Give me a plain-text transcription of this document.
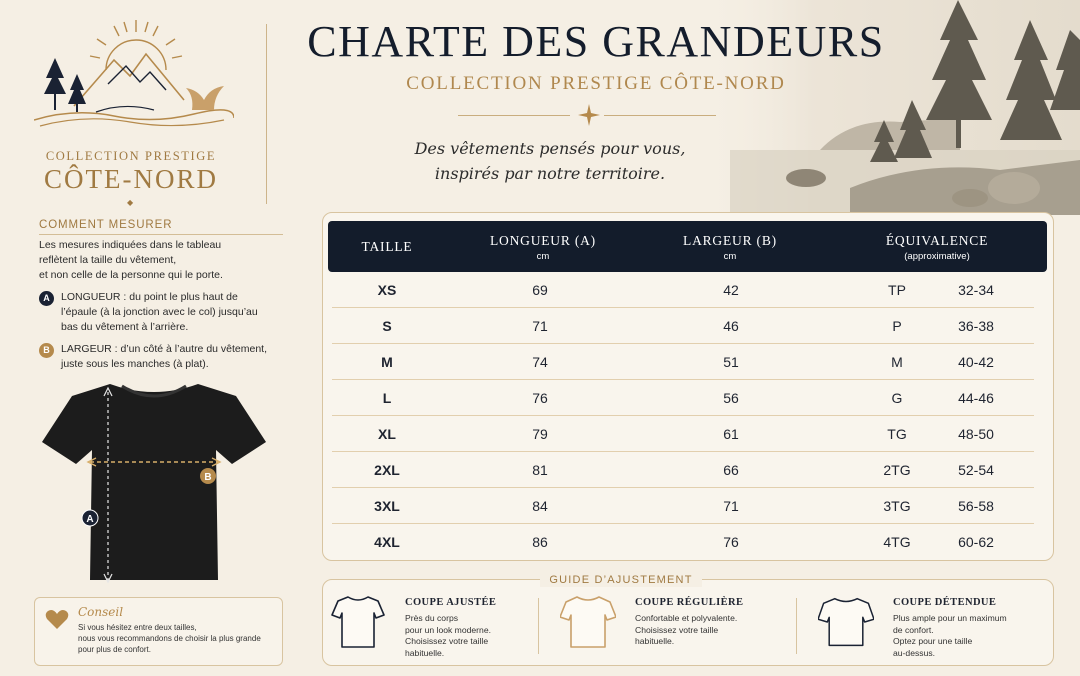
COLLECTION PRESTIGE
CÔTE-NORD
◆
COMMENT MESURER
Les mesures indiquées dans le tableau
reflètent la taille du vêtement,
et non celle de la personne qui le porte.
A	LONGUEUR : du point le plus haut de
l’épaule (à la jonction avec le col) jusqu’au
bas du vêtement à l’arrière.
B	LARGEUR : d’un côté à l’autre du vêtement,
juste sous les manches (à plat).
A
B
Conseil
Si vous hésitez entre deux tailles,
nous vous recommandons de choisir la plus grande
pour plus de confort.
CHARTE DES GRANDEURS
COLLECTION PRESTIGE CÔTE-NORD
Des vêtements pensés pour vous,
inspirés par notre territoire.
TAILLE	LONGUEUR (A)
cm
LARGEUR (B)
cm
ÉQUIVALENCE
(approximative)
XS	69	42	TP	32-34
S	71	46	P	36-38
M	74	51	M	40-42
L	76	56	G	44-46
XL	79	61	TG	48-50
2XL	81	66	2TG	52-54
3XL	84	71	3TG	56-58
4XL	86	76	4TG	60-62
GUIDE D’AJUSTEMENT
COUPE AJUSTÉE
Près du corps
pour un look moderne.
Choisissez votre taille
habituelle.
COUPE RÉGULIÈRE
Confortable et polyvalente.
Choisissez votre taille
habituelle.
COUPE DÉTENDUE
Plus ample pour un maximum
de confort.
Optez pour une taille
au-dessus.
